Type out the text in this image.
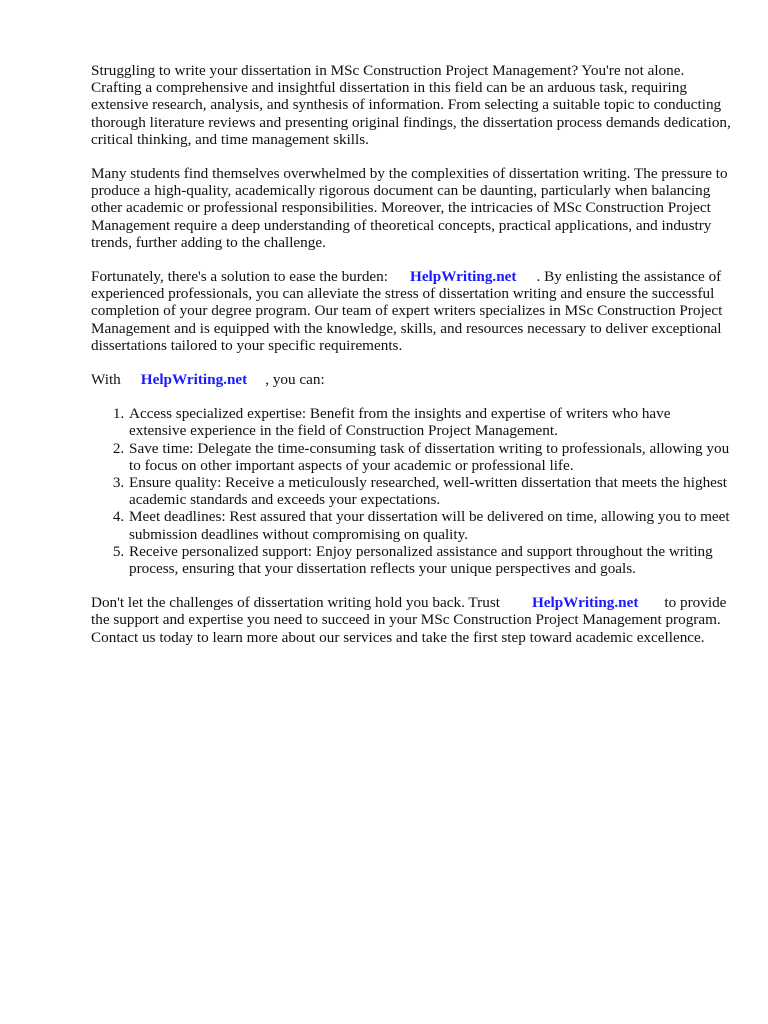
Struggling to write your dissertation in MSc Construction Project Management? You're not alone. Crafting a comprehensive and insightful dissertation in this field can be an arduous task, requiring extensive research, analysis, and synthesis of information. From selecting a suitable topic to conducting thorough literature reviews and presenting original findings, the dissertation process demands dedication, critical thinking, and time management skills.

Many students find themselves overwhelmed by the complexities of dissertation writing. The pressure to produce a high-quality, academically rigorous document can be daunting, particularly when balancing other academic or professional responsibilities. Moreover, the intricacies of MSc Construction Project Management require a deep understanding of theoretical concepts, practical applications, and industry trends, further adding to the challenge.

Fortunately, there's a solution to ease the burden: HelpWriting.net . By enlisting the assistance of experienced professionals, you can alleviate the stress of dissertation writing and ensure the successful completion of your degree program. Our team of expert writers specializes in MSc Construction Project Management and is equipped with the knowledge, skills, and resources necessary to deliver exceptional dissertations tailored to your specific requirements.

With HelpWriting.net , you can:

1. Access specialized expertise: Benefit from the insights and expertise of writers who have extensive experience in the field of Construction Project Management.
2. Save time: Delegate the time-consuming task of dissertation writing to professionals, allowing you to focus on other important aspects of your academic or professional life.
3. Ensure quality: Receive a meticulously researched, well-written dissertation that meets the highest academic standards and exceeds your expectations.
4. Meet deadlines: Rest assured that your dissertation will be delivered on time, allowing you to meet submission deadlines without compromising on quality.
5. Receive personalized support: Enjoy personalized assistance and support throughout the writing process, ensuring that your dissertation reflects your unique perspectives and goals.

Don't let the challenges of dissertation writing hold you back. Trust HelpWriting.net to provide the support and expertise you need to succeed in your MSc Construction Project Management program. Contact us today to learn more about our services and take the first step toward academic excellence.
